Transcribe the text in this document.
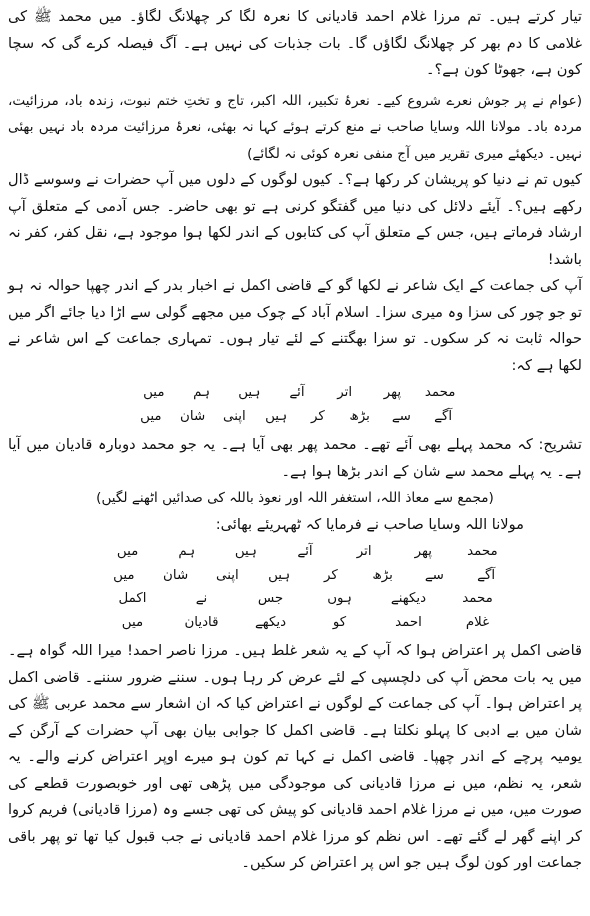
تیار کرتے ہیں۔ تم مرزا غلام احمد قادیانی کا نعرہ لگا کر چھلانگ لگاؤ۔ میں محمد ﷺ کی غلامی کا دم بھر کر چھلانگ لگاؤں گا۔ بات جذبات کی نہیں ہے۔ آگ فیصلہ کرے گی کہ سچا کون ہے، جھوٹا کون ہے؟۔

(عوام نے پر جوش نعرے شروع کیے۔ نعرۂ تکبیر، اللہ اکبر، تاج و تختِ ختم نبوت، زندہ باد، مرزائیت، مردہ باد۔ مولانا اللہ وسایا صاحب نے منع کرتے ہوئے کہا نہ بھئی، نعرۂ مرزائیت مردہ باد نہیں بھئی نہیں۔ دیکھئے میری تقریر میں آج منفی نعرہ کوئی نہ لگائے)

کیوں تم نے دنیا کو پریشان کر رکھا ہے؟۔ کیوں لوگوں کے دلوں میں آپ حضرات نے وسوسے ڈال رکھے ہیں؟۔ آیئے دلائل کی دنیا میں گفتگو کرنی ہے تو بھی حاضر۔ جس آدمی کے متعلق آپ ارشاد فرماتے ہیں، جس کے متعلق آپ کی کتابوں کے اندر لکھا ہوا موجود ہے، نقل کفر، کفر نہ باشد!

آپ کی جماعت کے ایک شاعر نے لکھا گو کے قاضی اکمل نے اخبار بدر کے اندر چھپا حوالہ نہ ہو تو جو چور کی سزا وہ میری سزا۔ اسلام آباد کے چوک میں مجھے گولی سے اڑا دیا جائے اگر میں حوالہ ثابت نہ کر سکوں۔ تو سزا بھگتنے کے لئے تیار ہوں۔ تمہاری جماعت کے اس شاعر نے لکھا ہے کہ:

محمد
پھر
اتر
آئے
ہیں
ہم
میں
آگے
سے
بڑھ
کر
ہیں
اپنی
شان
میں

تشریح: کہ محمد پہلے بھی آئے تھے۔ محمد پھر بھی آیا ہے۔ یہ جو محمد دوبارہ قادیان میں آیا ہے۔ یہ پہلے محمد سے شان کے اندر بڑھا ہوا ہے۔

(مجمع سے معاذ اللہ، استغفر اللہ اور نعوذ باللہ کی صدائیں اٹھنے لگیں)

مولانا اللہ وسایا صاحب نے فرمایا کہ ٹھہریئے بھائی:

محمد
پھر
اتر
آئے
ہیں
ہم
میں
آگے
سے
بڑھ
کر
ہیں
اپنی
شان
میں
محمد
دیکھنے
ہوں
جس
نے
اکمل
غلام
احمد
کو
دیکھے
قادیان
میں

قاضی اکمل پر اعتراض ہوا کہ آپ کے یہ شعر غلط ہیں۔ مرزا ناصر احمد! میرا اللہ گواہ ہے۔ میں یہ بات محض آپ کی دلچسپی کے لئے عرض کر رہا ہوں۔ سننے ضرور سننے۔ قاضی اکمل پر اعتراض ہوا۔ آپ کی جماعت کے لوگوں نے اعتراض کیا کہ ان اشعار سے محمد عربی ﷺ کی شان میں بے ادبی کا پہلو نکلتا ہے۔ قاضی اکمل کا جوابی بیان بھی آپ حضرات کے آرگن کے یومیہ پرچے کے اندر چھپا۔ قاضی اکمل نے کہا تم کون ہو میرے اوپر اعتراض کرنے والے۔ یہ شعر، یہ نظم، میں نے مرزا قادیانی کی موجودگی میں پڑھی تھی اور خوبصورت قطعے کی صورت میں، میں نے مرزا غلام احمد قادیانی کو پیش کی تھی جسے وہ (مرزا قادیانی) فریم کروا کر اپنے گھر لے گئے تھے۔ اس نظم کو مرزا غلام احمد قادیانی نے جب قبول کیا تھا تو پھر باقی جماعت اور کون لوگ ہیں جو اس پر اعتراض کر سکیں۔
